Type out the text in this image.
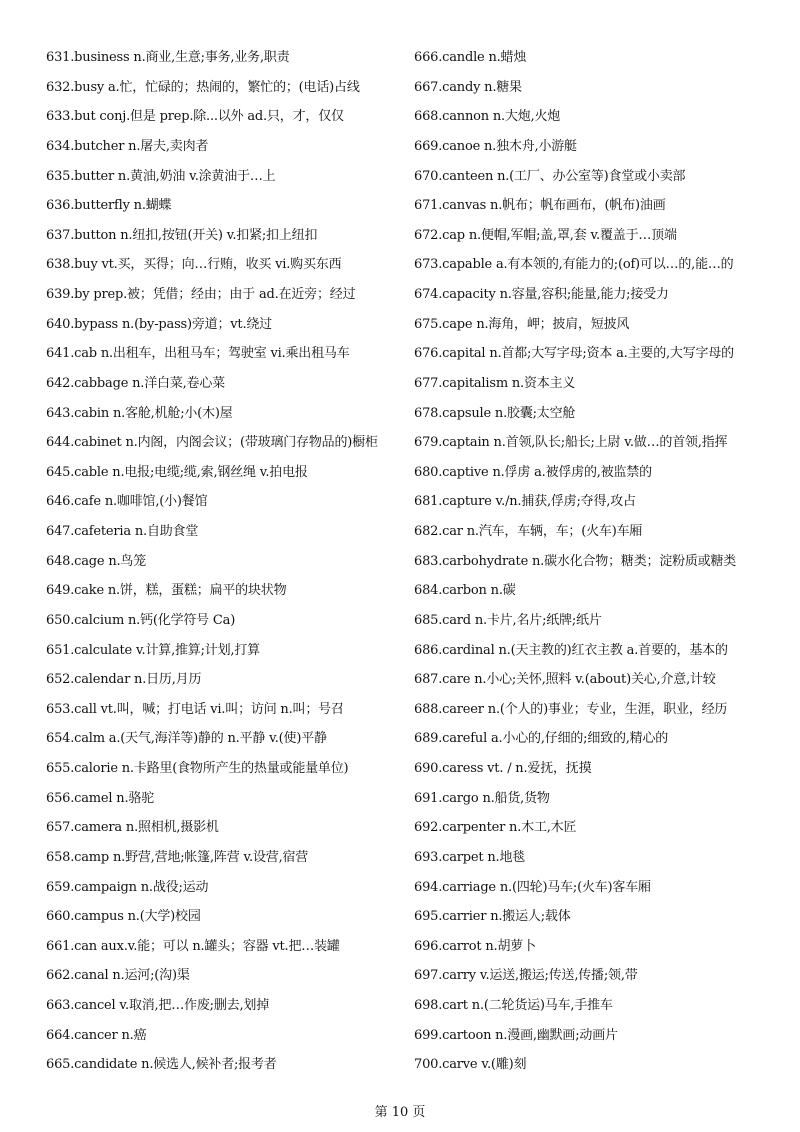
631.business n.商业,生意;事务,业务,职责
632.busy a.忙，忙碌的；热闹的，繁忙的；(电话)占线
633.but conj.但是 prep.除...以外 ad.只，才，仅仅
634.butcher n.屠夫,卖肉者
635.butter n.黄油,奶油 v.涂黄油于…上
636.butterfly n.蝴蝶
637.button n.纽扣,按钮(开关) v.扣紧;扣上纽扣
638.buy vt.买，买得；向…行贿，收买 vi.购买东西
639.by prep.被；凭借；经由；由于 ad.在近旁；经过
640.bypass n.(by-pass)旁道；vt.绕过
641.cab n.出租车，出租马车；驾驶室 vi.乘出租马车
642.cabbage n.洋白菜,卷心菜
643.cabin n.客舱,机舱;小(木)屋
644.cabinet n.内阁，内阁会议；(带玻璃门存物品的)橱柜
645.cable n.电报;电缆;缆,索,钢丝绳 v.拍电报
646.cafe n.咖啡馆,(小)餐馆
647.cafeteria n.自助食堂
648.cage n.鸟笼
649.cake n.饼，糕，蛋糕；扁平的块状物
650.calcium n.钙(化学符号 Ca)
651.calculate v.计算,推算;计划,打算
652.calendar n.日历,月历
653.call vt.叫，喊；打电话 vi.叫；访问 n.叫；号召
654.calm a.(天气,海洋等)静的 n.平静 v.(使)平静
655.calorie n.卡路里(食物所产生的热量或能量单位)
656.camel n.骆驼
657.camera n.照相机,摄影机
658.camp n.野营,营地;帐篷,阵营 v.设营,宿营
659.campaign n.战役;运动
660.campus n.(大学)校园
661.can aux.v.能；可以 n.罐头；容器 vt.把…装罐
662.canal n.运河;(沟)渠
663.cancel v.取消,把…作废;删去,划掉
664.cancer n.癌
665.candidate n.候选人,候补者;报考者
666.candle n.蜡烛
667.candy n.糖果
668.cannon n.大炮,火炮
669.canoe n.独木舟,小游艇
670.canteen n.(工厂、办公室等)食堂或小卖部
671.canvas n.帆布；帆布画布，(帆布)油画
672.cap n.便帽,军帽;盖,罩,套 v.覆盖于…顶端
673.capable a.有本领的,有能力的;(of)可以…的,能…的
674.capacity n.容量,容积;能量,能力;接受力
675.cape n.海角，岬；披肩，短披风
676.capital n.首都;大写字母;资本 a.主要的,大写字母的
677.capitalism n.资本主义
678.capsule n.胶囊;太空舱
679.captain n.首领,队长;船长;上尉 v.做…的首领,指挥
680.captive n.俘虏 a.被俘虏的,被监禁的
681.capture v./n.捕获,俘虏;夺得,攻占
682.car n.汽车，车辆，车；(火车)车厢
683.carbohydrate n.碳水化合物；糖类；淀粉质或糖类
684.carbon n.碳
685.card n.卡片,名片;纸牌;纸片
686.cardinal n.(天主教的)红衣主教 a.首要的，基本的
687.care n.小心;关怀,照料 v.(about)关心,介意,计较
688.career n.(个人的)事业；专业，生涯，职业，经历
689.careful a.小心的,仔细的;细致的,精心的
690.caress vt. / n.爱抚，抚摸
691.cargo n.船货,货物
692.carpenter n.木工,木匠
693.carpet n.地毯
694.carriage n.(四轮)马车;(火车)客车厢
695.carrier n.搬运人;载体
696.carrot n.胡萝卜
697.carry v.运送,搬运;传送,传播;领,带
698.cart n.(二轮货运)马车,手推车
699.cartoon n.漫画,幽默画;动画片
700.carve v.(雕)刻
第 10 页
